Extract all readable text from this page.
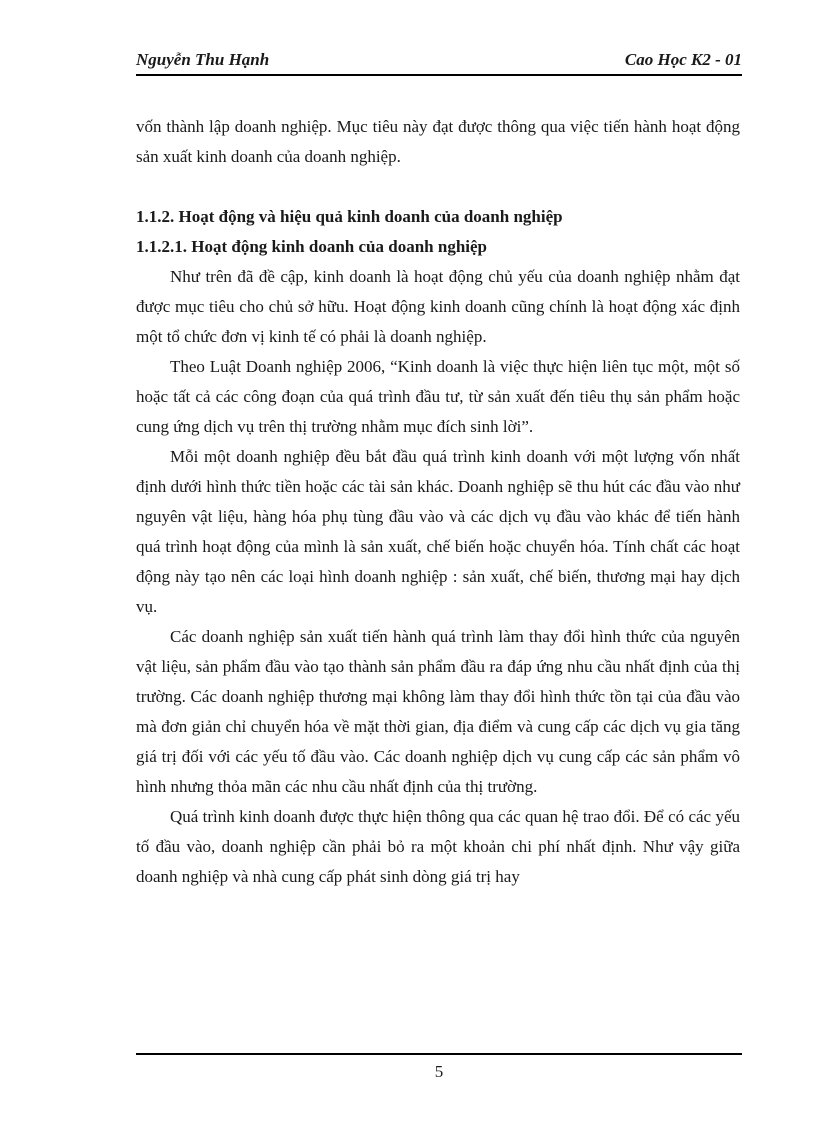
Nguyễn Thu Hạnh	Cao Học K2 - 01

vốn thành lập doanh nghiệp. Mục tiêu này đạt được thông qua việc tiến hành hoạt động sản xuất kinh doanh của doanh nghiệp.

1.1.2. Hoạt động và hiệu quả kinh doanh của doanh nghiệp

1.1.2.1. Hoạt động kinh doanh của doanh nghiệp

Như trên đã đề cập, kinh doanh là hoạt động chủ yếu của doanh nghiệp nhằm đạt được mục tiêu cho chủ sở hữu. Hoạt động kinh doanh cũng chính là hoạt động xác định một tổ chức đơn vị kinh tế có phải là doanh nghiệp.

Theo Luật Doanh nghiệp 2006, “Kinh doanh là việc thực hiện liên tục một, một số hoặc tất cả các công đoạn của quá trình đầu tư, từ sản xuất đến tiêu thụ sản phẩm hoặc cung ứng dịch vụ trên thị trường nhằm mục đích sinh lời”.

Mỗi một doanh nghiệp đều bắt đầu quá trình kinh doanh với một lượng vốn nhất định dưới hình thức tiền hoặc các tài sản khác. Doanh nghiệp sẽ thu hút các đầu vào như nguyên vật liệu, hàng hóa phụ tùng đầu vào và các dịch vụ đầu vào khác để tiến hành quá trình hoạt động của mình là sản xuất, chế biến hoặc chuyển hóa. Tính chất các hoạt động này tạo nên các loại hình doanh nghiệp : sản xuất, chế biến, thương mại hay dịch vụ.

Các doanh nghiệp sản xuất tiến hành quá trình làm thay đổi hình thức của nguyên vật liệu, sản phẩm đầu vào tạo thành sản phẩm đầu ra đáp ứng nhu cầu nhất định của thị trường. Các doanh nghiệp thương mại không làm thay đổi hình thức tồn tại của đầu vào mà đơn giản chỉ chuyển hóa về mặt thời gian, địa điểm và cung cấp các dịch vụ gia tăng giá trị đối với các yếu tố đầu vào. Các doanh nghiệp dịch vụ cung cấp các sản phẩm vô hình nhưng thỏa mãn các nhu cầu nhất định của thị trường.

Quá trình kinh doanh được thực hiện thông qua các quan hệ trao đổi. Để có các yếu tố đầu vào, doanh nghiệp cần phải bỏ ra một khoản chi phí nhất định. Như vậy giữa doanh nghiệp và nhà cung cấp phát sinh dòng giá trị hay

5
